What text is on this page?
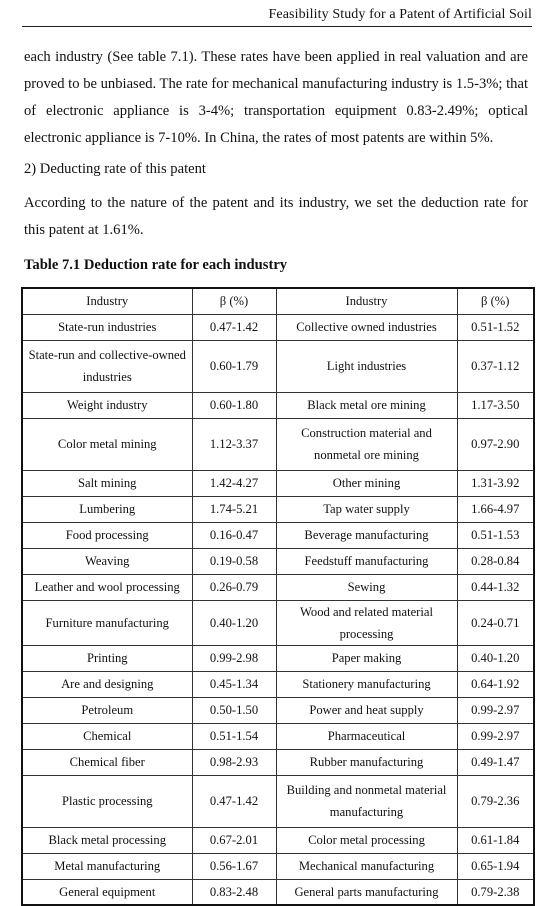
Feasibility Study for a Patent of Artificial Soil

each industry (See table 7.1). These rates have been applied in real valuation and are proved to be unbiased. The rate for mechanical manufacturing industry is 1.5-3%; that of electronic appliance is 3-4%; transportation equipment 0.83-2.49%; optical electronic appliance is 7-10%. In China, the rates of most patents are within 5%.

2) Deducting rate of this patent

According to the nature of the patent and its industry, we set the deduction rate for this patent at 1.61%.

Table 7.1 Deduction rate for each industry

Industry	β (%)	Industry	β (%)
State-run industries	0.47-1.42	Collective owned industries	0.51-1.52
State-run and collective-owned industries	0.60-1.79	Light industries	0.37-1.12
Weight industry	0.60-1.80	Black metal ore mining	1.17-3.50
Color metal mining	1.12-3.37	Construction material and nonmetal ore mining	0.97-2.90
Salt mining	1.42-4.27	Other mining	1.31-3.92
Lumbering	1.74-5.21	Tap water supply	1.66-4.97
Food processing	0.16-0.47	Beverage manufacturing	0.51-1.53
Weaving	0.19-0.58	Feedstuff manufacturing	0.28-0.84
Leather and wool processing	0.26-0.79	Sewing	0.44-1.32
Furniture manufacturing	0.40-1.20	Wood and related material processing	0.24-0.71
Printing	0.99-2.98	Paper making	0.40-1.20
Are and designing	0.45-1.34	Stationery manufacturing	0.64-1.92
Petroleum	0.50-1.50	Power and heat supply	0.99-2.97
Chemical	0.51-1.54	Pharmaceutical	0.99-2.97
Chemical fiber	0.98-2.93	Rubber manufacturing	0.49-1.47
Plastic processing	0.47-1.42	Building and nonmetal material manufacturing	0.79-2.36
Black metal processing	0.67-2.01	Color metal processing	0.61-1.84
Metal manufacturing	0.56-1.67	Mechanical manufacturing	0.65-1.94
General equipment	0.83-2.48	General parts manufacturing	0.79-2.38
